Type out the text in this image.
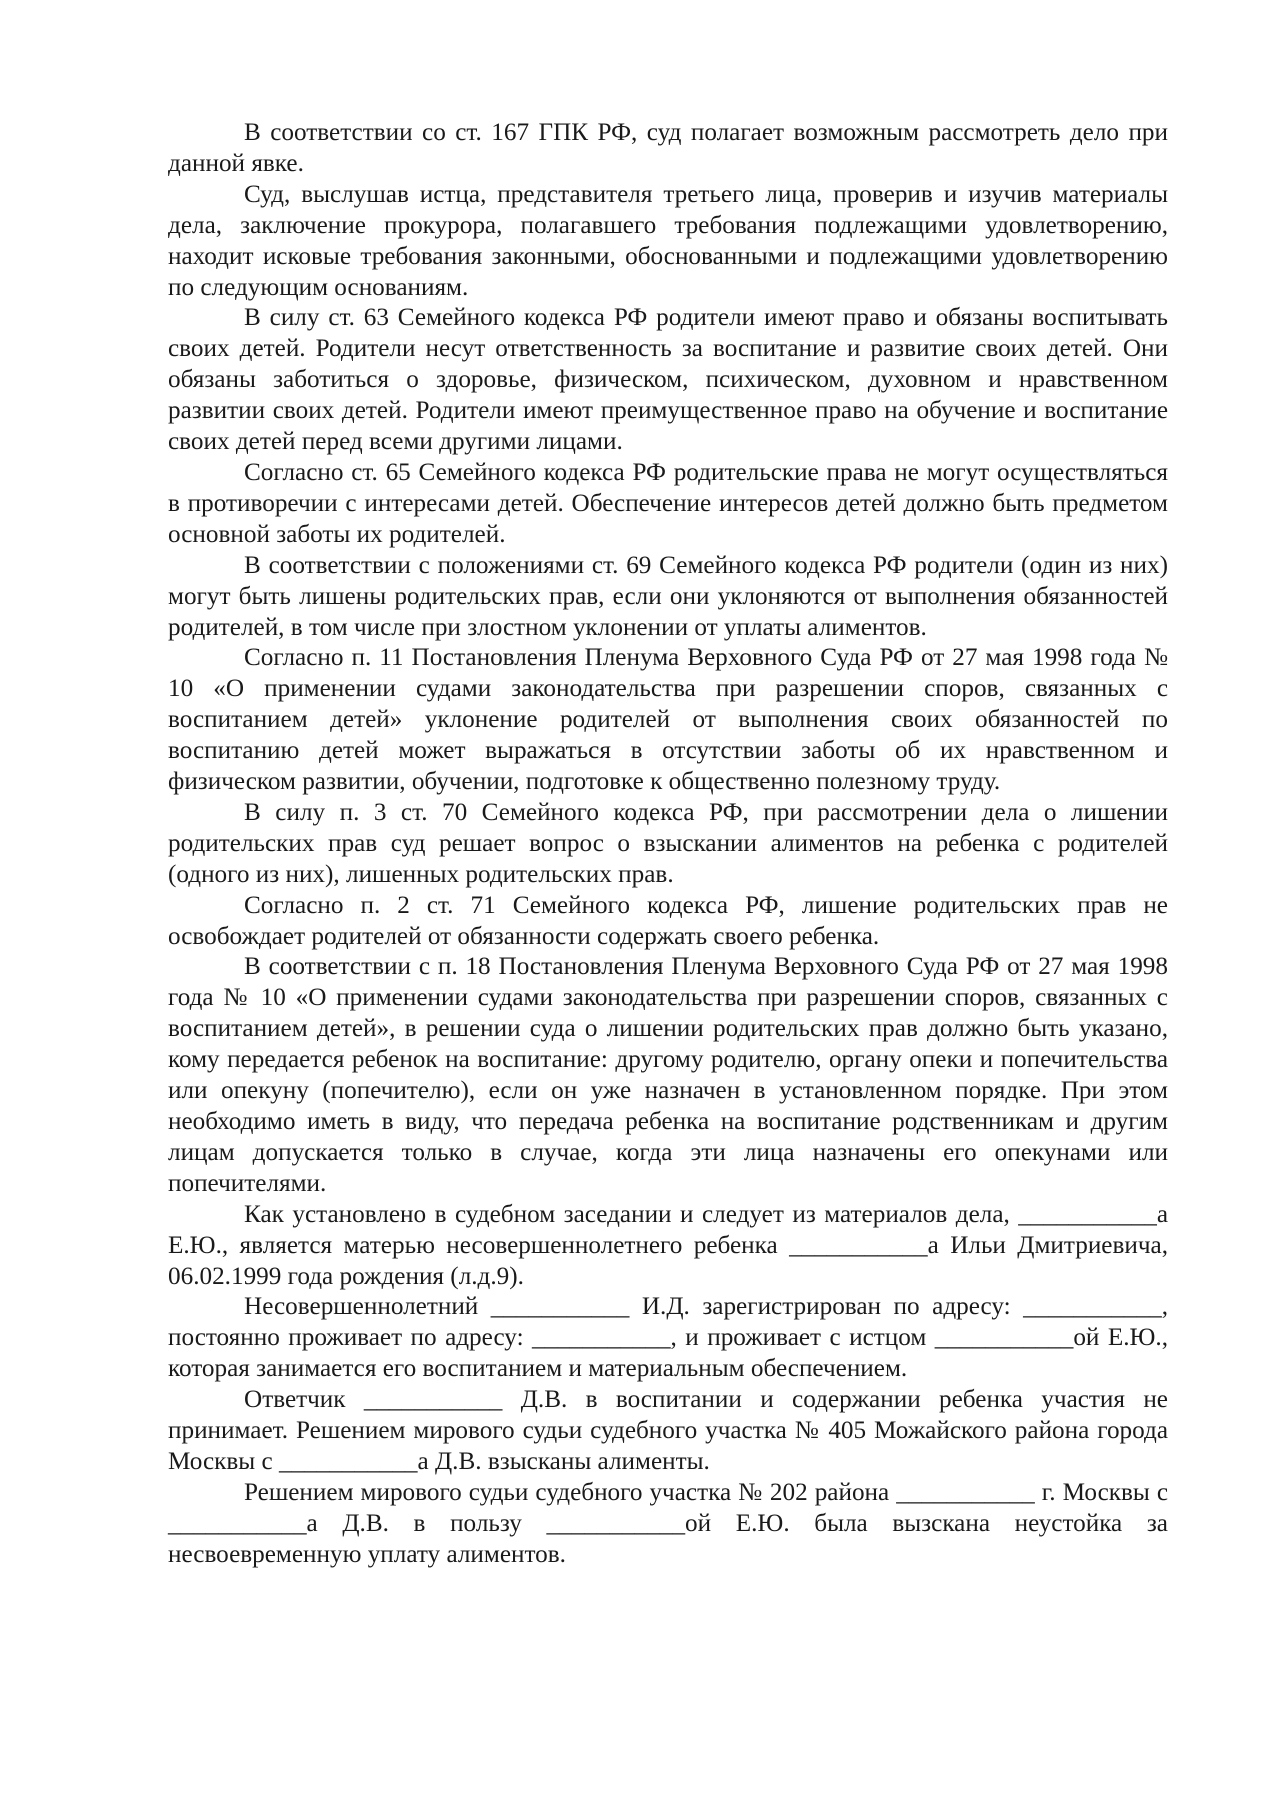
В соответствии со ст. 167 ГПК РФ, суд полагает возможным рассмотреть дело при данной явке.

Суд, выслушав истца, представителя третьего лица, проверив и изучив материалы дела, заключение прокурора, полагавшего требования подлежащими удовлетворению, находит исковые требования законными, обоснованными и подлежащими удовлетворению по следующим основаниям.

В силу ст. 63 Семейного кодекса РФ родители имеют право и обязаны воспитывать своих детей. Родители несут ответственность за воспитание и развитие своих детей. Они обязаны заботиться о здоровье, физическом, психическом, духовном и нравственном развитии своих детей. Родители имеют преимущественное право на обучение и воспитание своих детей перед всеми другими лицами.

Согласно ст. 65 Семейного кодекса РФ родительские права не могут осуществляться в противоречии с интересами детей. Обеспечение интересов детей должно быть предметом основной заботы их родителей.

В соответствии с положениями ст. 69 Семейного кодекса РФ родители (один из них) могут быть лишены родительских прав, если они уклоняются от выполнения обязанностей родителей, в том числе при злостном уклонении от уплаты алиментов.

Согласно п. 11 Постановления Пленума Верховного Суда РФ от 27 мая 1998 года № 10 «О применении судами законодательства при разрешении споров, связанных с воспитанием детей» уклонение родителей от выполнения своих обязанностей по воспитанию детей может выражаться в отсутствии заботы об их нравственном и физическом развитии, обучении, подготовке к общественно полезному труду.

В силу п. 3 ст. 70 Семейного кодекса РФ, при рассмотрении дела о лишении родительских прав суд решает вопрос о взыскании алиментов на ребенка с родителей (одного из них), лишенных родительских прав.

Согласно п. 2 ст. 71 Семейного кодекса РФ, лишение родительских прав не освобождает родителей от обязанности содержать своего ребенка.

В соответствии с п. 18 Постановления Пленума Верховного Суда РФ от 27 мая 1998 года № 10 «О применении судами законодательства при разрешении споров, связанных с воспитанием детей», в решении суда о лишении родительских прав должно быть указано, кому передается ребенок на воспитание: другому родителю, органу опеки и попечительства или опекуну (попечителю), если он уже назначен в установленном порядке. При этом необходимо иметь в виду, что передача ребенка на воспитание родственникам и другим лицам допускается только в случае, когда эти лица назначены его опекунами или попечителями.

Как установлено в судебном заседании и следует из материалов дела, ___________а Е.Ю., является матерью несовершеннолетнего ребенка ___________а Ильи Дмитриевича, 06.02.1999 года рождения (л.д.9).

Несовершеннолетний ___________ И.Д. зарегистрирован по адресу: ___________, постоянно проживает по адресу: ___________, и проживает с истцом ___________ой Е.Ю., которая занимается его воспитанием и материальным обеспечением.

Ответчик ___________ Д.В. в воспитании и содержании ребенка участия не принимает. Решением мирового судьи судебного участка № 405 Можайского района города Москвы с ___________а Д.В. взысканы алименты.

Решением мирового судьи судебного участка № 202 района ___________ г. Москвы с ___________а Д.В. в пользу ___________ой Е.Ю. была вызскана неустойка за несвоевременную уплату алиментов.
